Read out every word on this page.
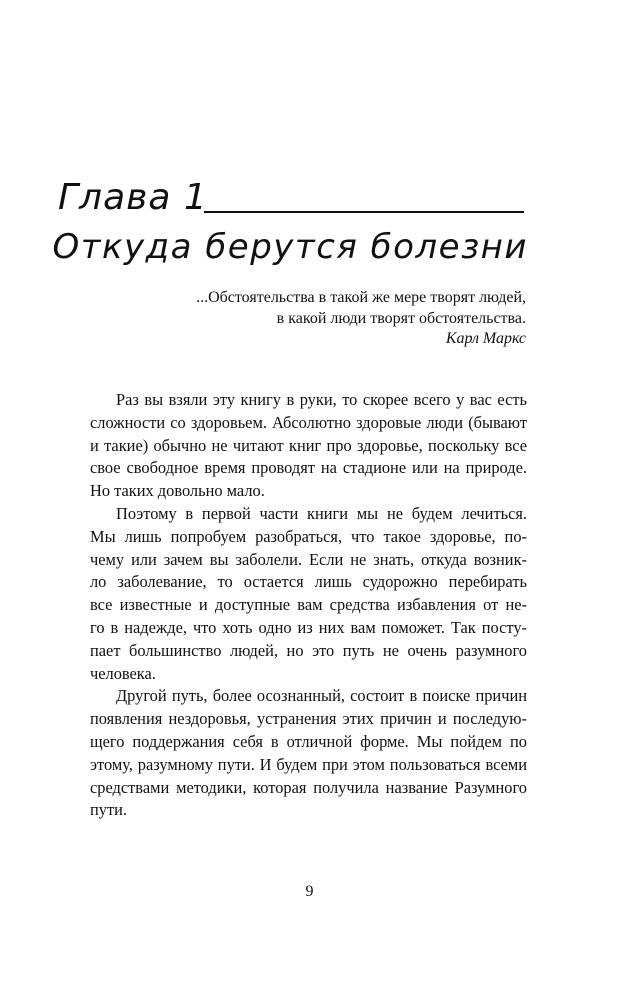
Глава 1
Откуда берутся болезни
...Обстоятельства в такой же мере творят людей,
в какой люди творят обстоятельства.
Карл Маркс
Раз вы взяли эту книгу в руки, то скорее всего у вас есть
сложности со здоровьем. Абсолютно здоровые люди (бывают
и такие) обычно не читают книг про здоровье, поскольку все
свое свободное время проводят на стадионе или на природе.
Но таких довольно мало.
Поэтому в первой части книги мы не будем лечиться.
Мы лишь попробуем разобраться, что такое здоровье, по-
чему или зачем вы заболели. Если не знать, откуда возник-
ло заболевание, то остается лишь судорожно перебирать
все известные и доступные вам средства избавления от не-
го в надежде, что хоть одно из них вам поможет. Так посту-
пает большинство людей, но это путь не очень разумного
человека.
Другой путь, более осознанный, состоит в поиске причин
появления нездоровья, устранения этих причин и последую-
щего поддержания себя в отличной форме. Мы пойдем по
этому, разумному пути. И будем при этом пользоваться всеми
средствами методики, которая получила название Разумного
пути.
9
